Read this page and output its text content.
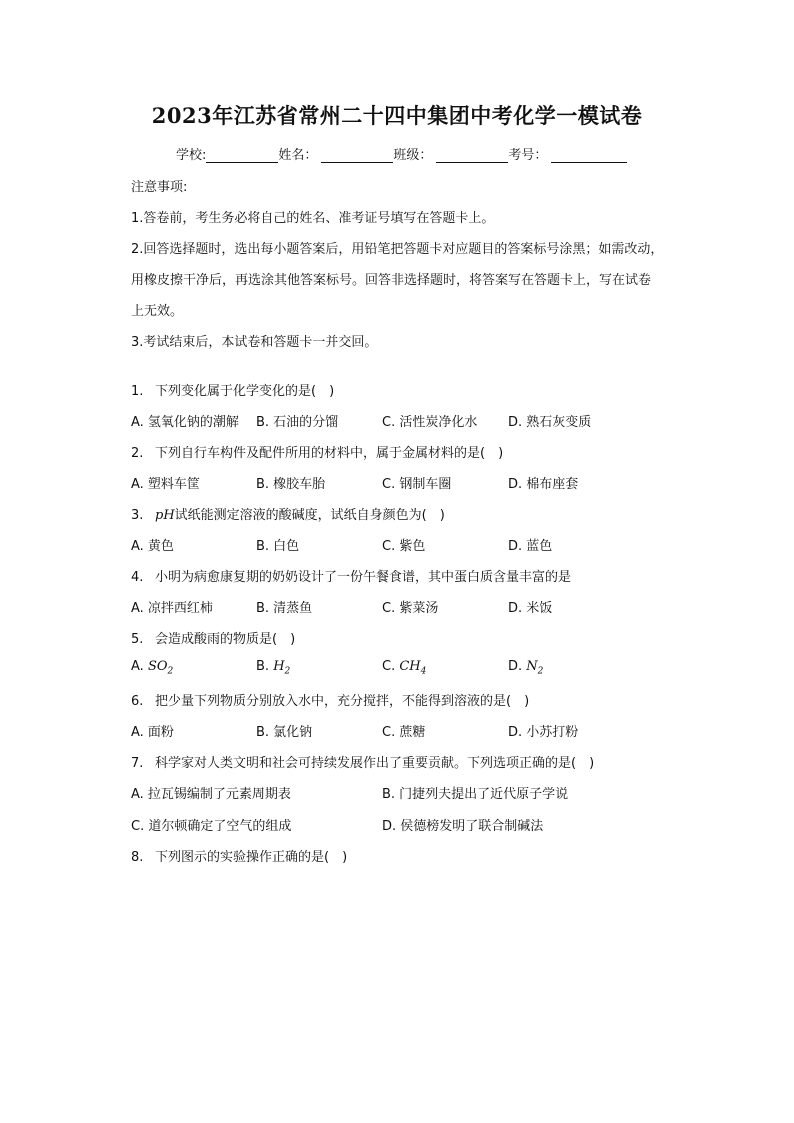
2023年江苏省常州二十四中集团中考化学一模试卷
学校:	姓名：	班级：	考号：
注意事项:
1.答卷前，考生务必将自己的姓名、准考证号填写在答题卡上。
2.回答选择题时，选出每小题答案后，用铅笔把答题卡对应题目的答案标号涂黑；如需改动，
用橡皮擦干净后，再选涂其他答案标号。回答非选择题时，将答案写在答题卡上，写在试卷
上无效。
3.考试结束后，本试卷和答题卡一并交回。
1. 下列变化属于化学变化的是(　)
A. 氢氧化钠的潮解 B. 石油的分馏	C. 活性炭净化水 D. 熟石灰变质
2. 下列自行车构件及配件所用的材料中，属于金属材料的是(　)
A. 塑料车筐	B. 橡胶车胎	C. 钢制车圈	D. 棉布座套
3. pH试纸能测定溶液的酸碱度，试纸自身颜色为(　)
A. 黄色	B. 白色	C. 紫色	D. 蓝色
4. 小明为病愈康复期的奶奶设计了一份午餐食谱，其中蛋白质含量丰富的是
A. 凉拌西红柿	B. 清蒸鱼	C. 紫菜汤	D. 米饭
5. 会造成酸雨的物质是(　)
A. $SO_2$	B. $H_2$	C. $CH_4$	D. $N_2$
6. 把少量下列物质分别放入水中，充分搅拌，不能得到溶液的是(　)
A. 面粉	B. 氯化钠	C. 蔗糖	D. 小苏打粉
7. 科学家对人类文明和社会可持续发展作出了重要贡献。下列选项正确的是(　)
A. 拉瓦锡编制了元素周期表	B. 门捷列夫提出了近代原子学说
C. 道尔顿确定了空气的组成	D. 侯德榜发明了联合制碱法
8. 下列图示的实验操作正确的是(　)
